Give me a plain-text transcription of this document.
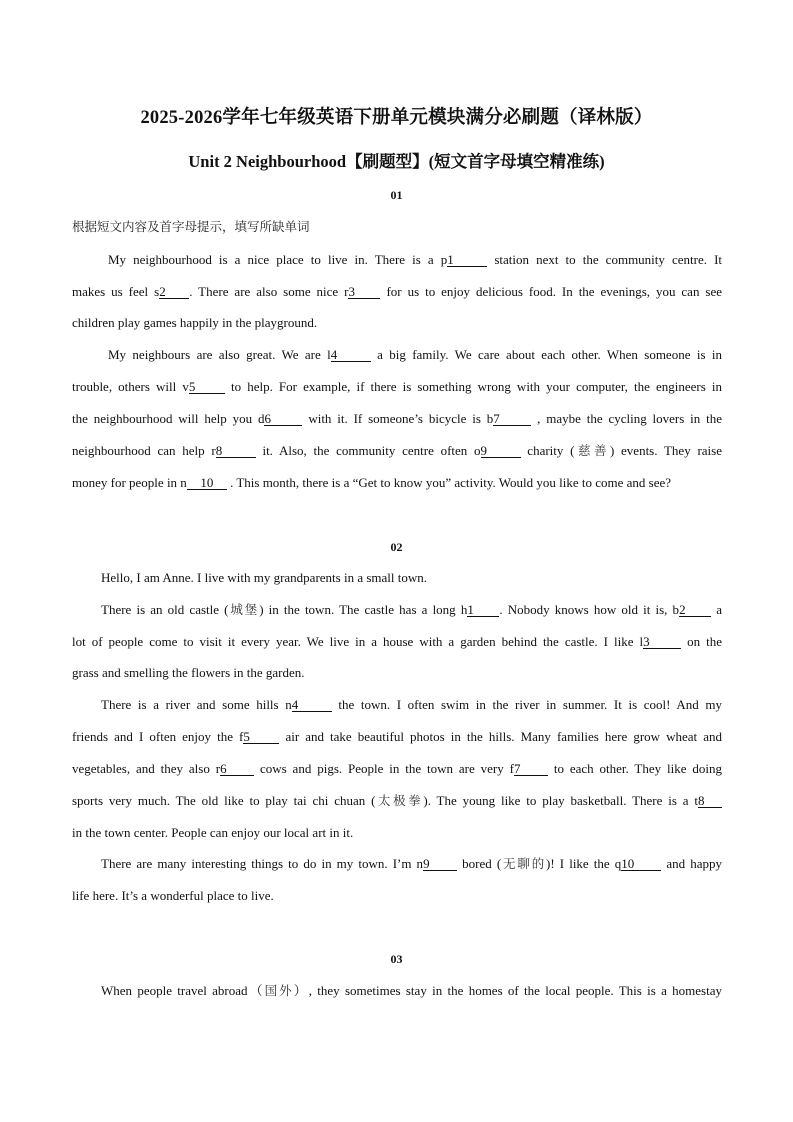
2025-2026学年七年级英语下册单元模块满分必刷题（译林版）
Unit 2 Neighbourhood【刷题型】(短文首字母填空精准练)
01
根据短文内容及首字母提示，填写所缺单词
My neighbourhood is a nice place to live in. There is a p1	station next to the community centre. It
makes us feel s2 . There are also some nice r3 for us to enjoy delicious food. In the evenings, you can see
children play games happily in the playground.
My neighbours are also great. We are l4	a big family. We care about each other. When someone is in
trouble, others will v5	to help. For example, if there is something wrong with your computer, the engineers in
the neighbourhood will help you d6	with it. If someone’s bicycle is b7	, maybe the cycling lovers in the
neighbourhood can help r8	it. Also, the community centre often o9	charity (慈善) events. They raise
money for people in n 10 . This month, there is a “Get to know you” activity. Would you like to come and see?
02
Hello, I am Anne. I live with my grandparents in a small town.
There is an old castle (城堡) in the town. The castle has a long h1 . Nobody knows how old it is, b2 a
lot of people come to visit it every year. We live in a house with a garden behind the castle. I like l3	on the
grass and smelling the flowers in the garden.
There is a river and some hills n4	the town. I often swim in the river in summer. It is cool! And my
friends and I often enjoy the f5	air and take beautiful photos in the hills. Many families here grow wheat and
vegetables, and they also r6	cows and pigs. People in the town are very f7	to each other. They like doing
sports very much. The old like to play tai chi chuan (太极拳). The young like to play basketball. There is a t8
in the town center. People can enjoy our local art in it.
There are many interesting things to do in my town. I’m n9	bored (无聊的)! I like the q10 and happy
life here. It’s a wonderful place to live.
03
When people travel abroad（国外）, they sometimes stay in the homes of the local people. This is a homestay
